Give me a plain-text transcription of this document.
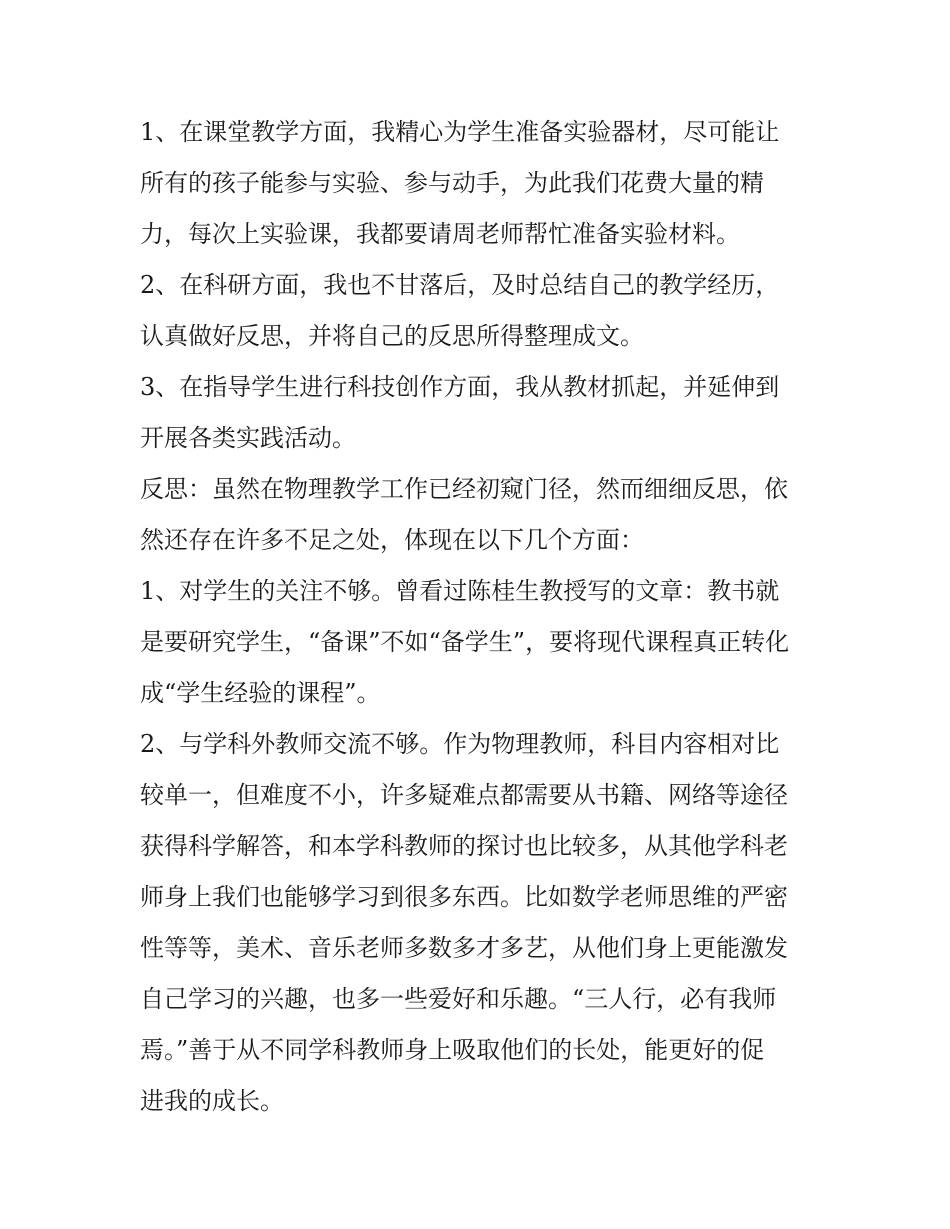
1、在课堂教学方面，我精心为学生准备实验器材，尽可能让
所有的孩子能参与实验、参与动手，为此我们花费大量的精
力，每次上实验课，我都要请周老师帮忙准备实验材料。

2、在科研方面，我也不甘落后，及时总结自己的教学经历，
认真做好反思，并将自己的反思所得整理成文。

3、在指导学生进行科技创作方面，我从教材抓起，并延伸到
开展各类实践活动。

反思：虽然在物理教学工作已经初窥门径，然而细细反思，依
然还存在许多不足之处，体现在以下几个方面：

1、对学生的关注不够。曾看过陈桂生教授写的文章：教书就
是要研究学生，“备课”不如“备学生”，要将现代课程真正转化
成“学生经验的课程”。

2、与学科外教师交流不够。作为物理教师，科目内容相对比
较单一，但难度不小，许多疑难点都需要从书籍、网络等途径
获得科学解答，和本学科教师的探讨也比较多，从其他学科老
师身上我们也能够学习到很多东西。比如数学老师思维的严密
性等等，美术、音乐老师多数多才多艺，从他们身上更能激发
自己学习的兴趣，也多一些爱好和乐趣。“三人行，必有我师
焉。”善于从不同学科教师身上吸取他们的长处，能更好的促
进我的成长。
